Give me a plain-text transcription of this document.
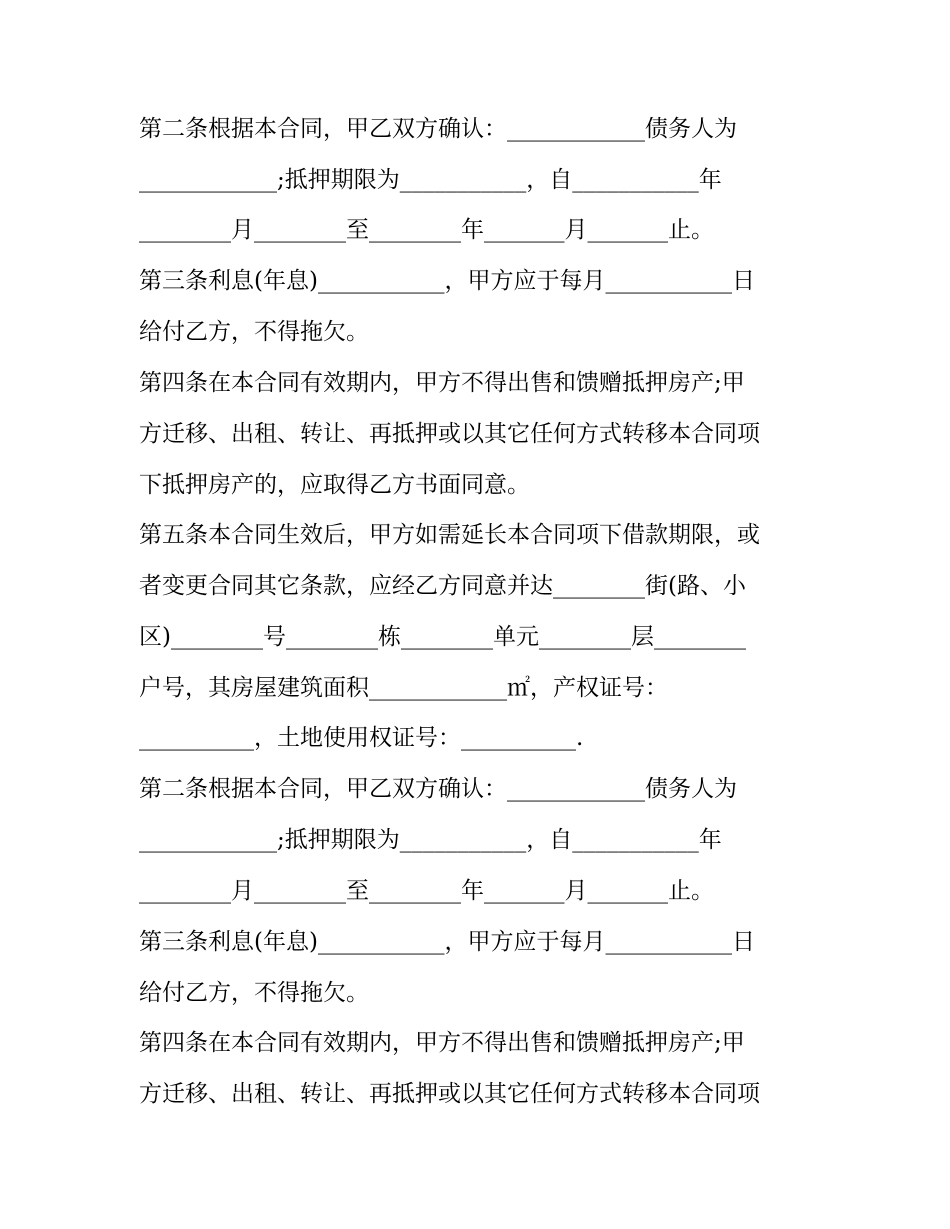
第二条根据本合同，甲乙双方确认：____________债务人为
____________;抵押期限为___________，自___________年
________月________至________年_______月_______止。
第三条利息(年息)___________，甲方应于每月___________日
给付乙方，不得拖欠。
第四条在本合同有效期内，甲方不得出售和馈赠抵押房产;甲
方迁移、出租、转让、再抵押或以其它任何方式转移本合同项
下抵押房产的，应取得乙方书面同意。
第五条本合同生效后，甲方如需延长本合同项下借款期限，或
者变更合同其它条款，应经乙方同意并达________街(路、小
区)________号________栋________单元________层________
户号，其房屋建筑面积____________㎡，产权证号：
__________，土地使用权证号：__________.
第二条根据本合同，甲乙双方确认：____________债务人为
____________;抵押期限为___________，自___________年
________月________至________年_______月_______止。
第三条利息(年息)___________，甲方应于每月___________日
给付乙方，不得拖欠。
第四条在本合同有效期内，甲方不得出售和馈赠抵押房产;甲
方迁移、出租、转让、再抵押或以其它任何方式转移本合同项
